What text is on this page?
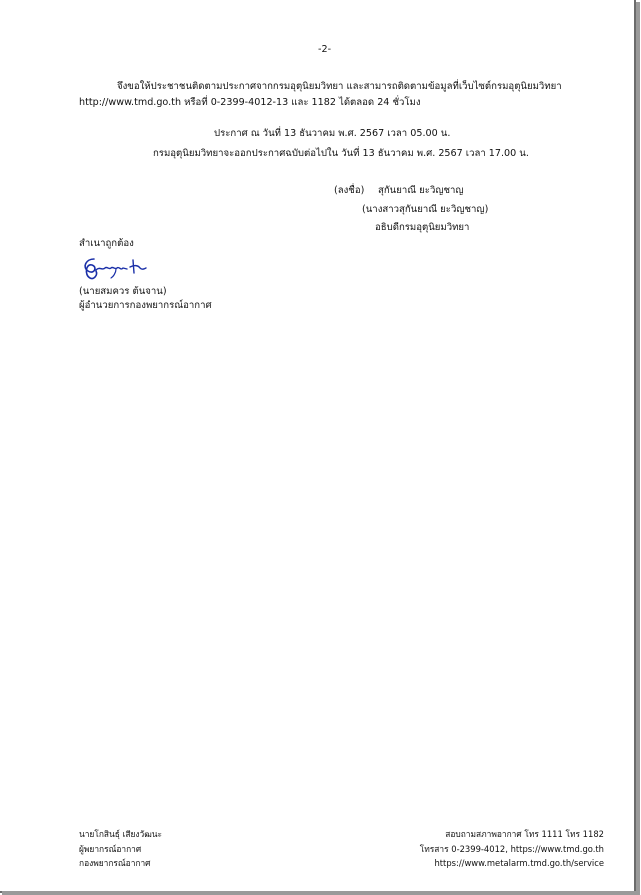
-2-
จึงขอให้ประชาชนติดตามประกาศจากกรมอุตุนิยมวิทยา และสามารถติดตามข้อมูลที่เว็บไซต์กรมอุตุนิยมวิทยา
http://www.tmd.go.th หรือที่ 0-2399-4012-13 และ 1182 ได้ตลอด 24 ชั่วโมง
ประกาศ ณ วันที่ 13 ธันวาคม พ.ศ. 2567 เวลา 05.00 น.
กรมอุตุนิยมวิทยาจะออกประกาศฉบับต่อไปใน วันที่ 13 ธันวาคม พ.ศ. 2567 เวลา 17.00 น.
(ลงชื่อ) สุกันยาณี ยะวิญชาญ
(นางสาวสุกันยาณี ยะวิญชาญ)
อธิบดีกรมอุตุนิยมวิทยา
สำเนาถูกต้อง
(นายสมควร ต้นจาน)
ผู้อำนวยการกองพยากรณ์อากาศ
นายโกสินธุ์ เสียงวัฒนะ
ผู้พยากรณ์อากาศ
กองพยากรณ์อากาศ
สอบถามสภาพอากาศ โทร 1111 โทร 1182
โทรสาร 0-2399-4012, https://www.tmd.go.th
https://www.metalarm.tmd.go.th/service
